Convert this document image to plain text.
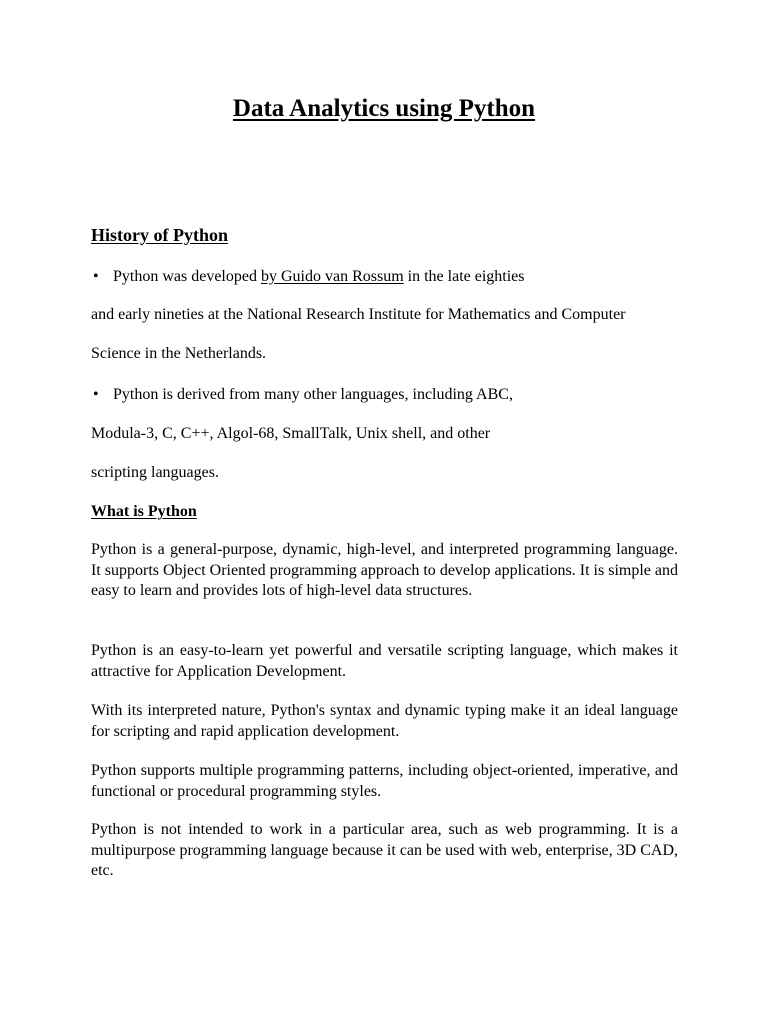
Data Analytics using Python
History of Python
• Python was developed by Guido van Rossum in the late eighties

and early nineties at the National Research Institute for Mathematics and Computer

Science in the Netherlands.

• Python is derived from many other languages, including ABC,

Modula-3, C, C++, Algol-68, SmallTalk, Unix shell, and other

scripting languages.

What is Python

Python is a general-purpose, dynamic, high-level, and interpreted programming language. It supports Object Oriented programming approach to develop applications. It is simple and easy to learn and provides lots of high-level data structures.

Python is an easy-to-learn yet powerful and versatile scripting language, which makes it attractive for Application Development.

With its interpreted nature, Python's syntax and dynamic typing make it an ideal language for scripting and rapid application development.

Python supports multiple programming patterns, including object-oriented, imperative, and functional or procedural programming styles.

Python is not intended to work in a particular area, such as web programming. It is a multipurpose programming language because it can be used with web, enterprise, 3D CAD, etc.
